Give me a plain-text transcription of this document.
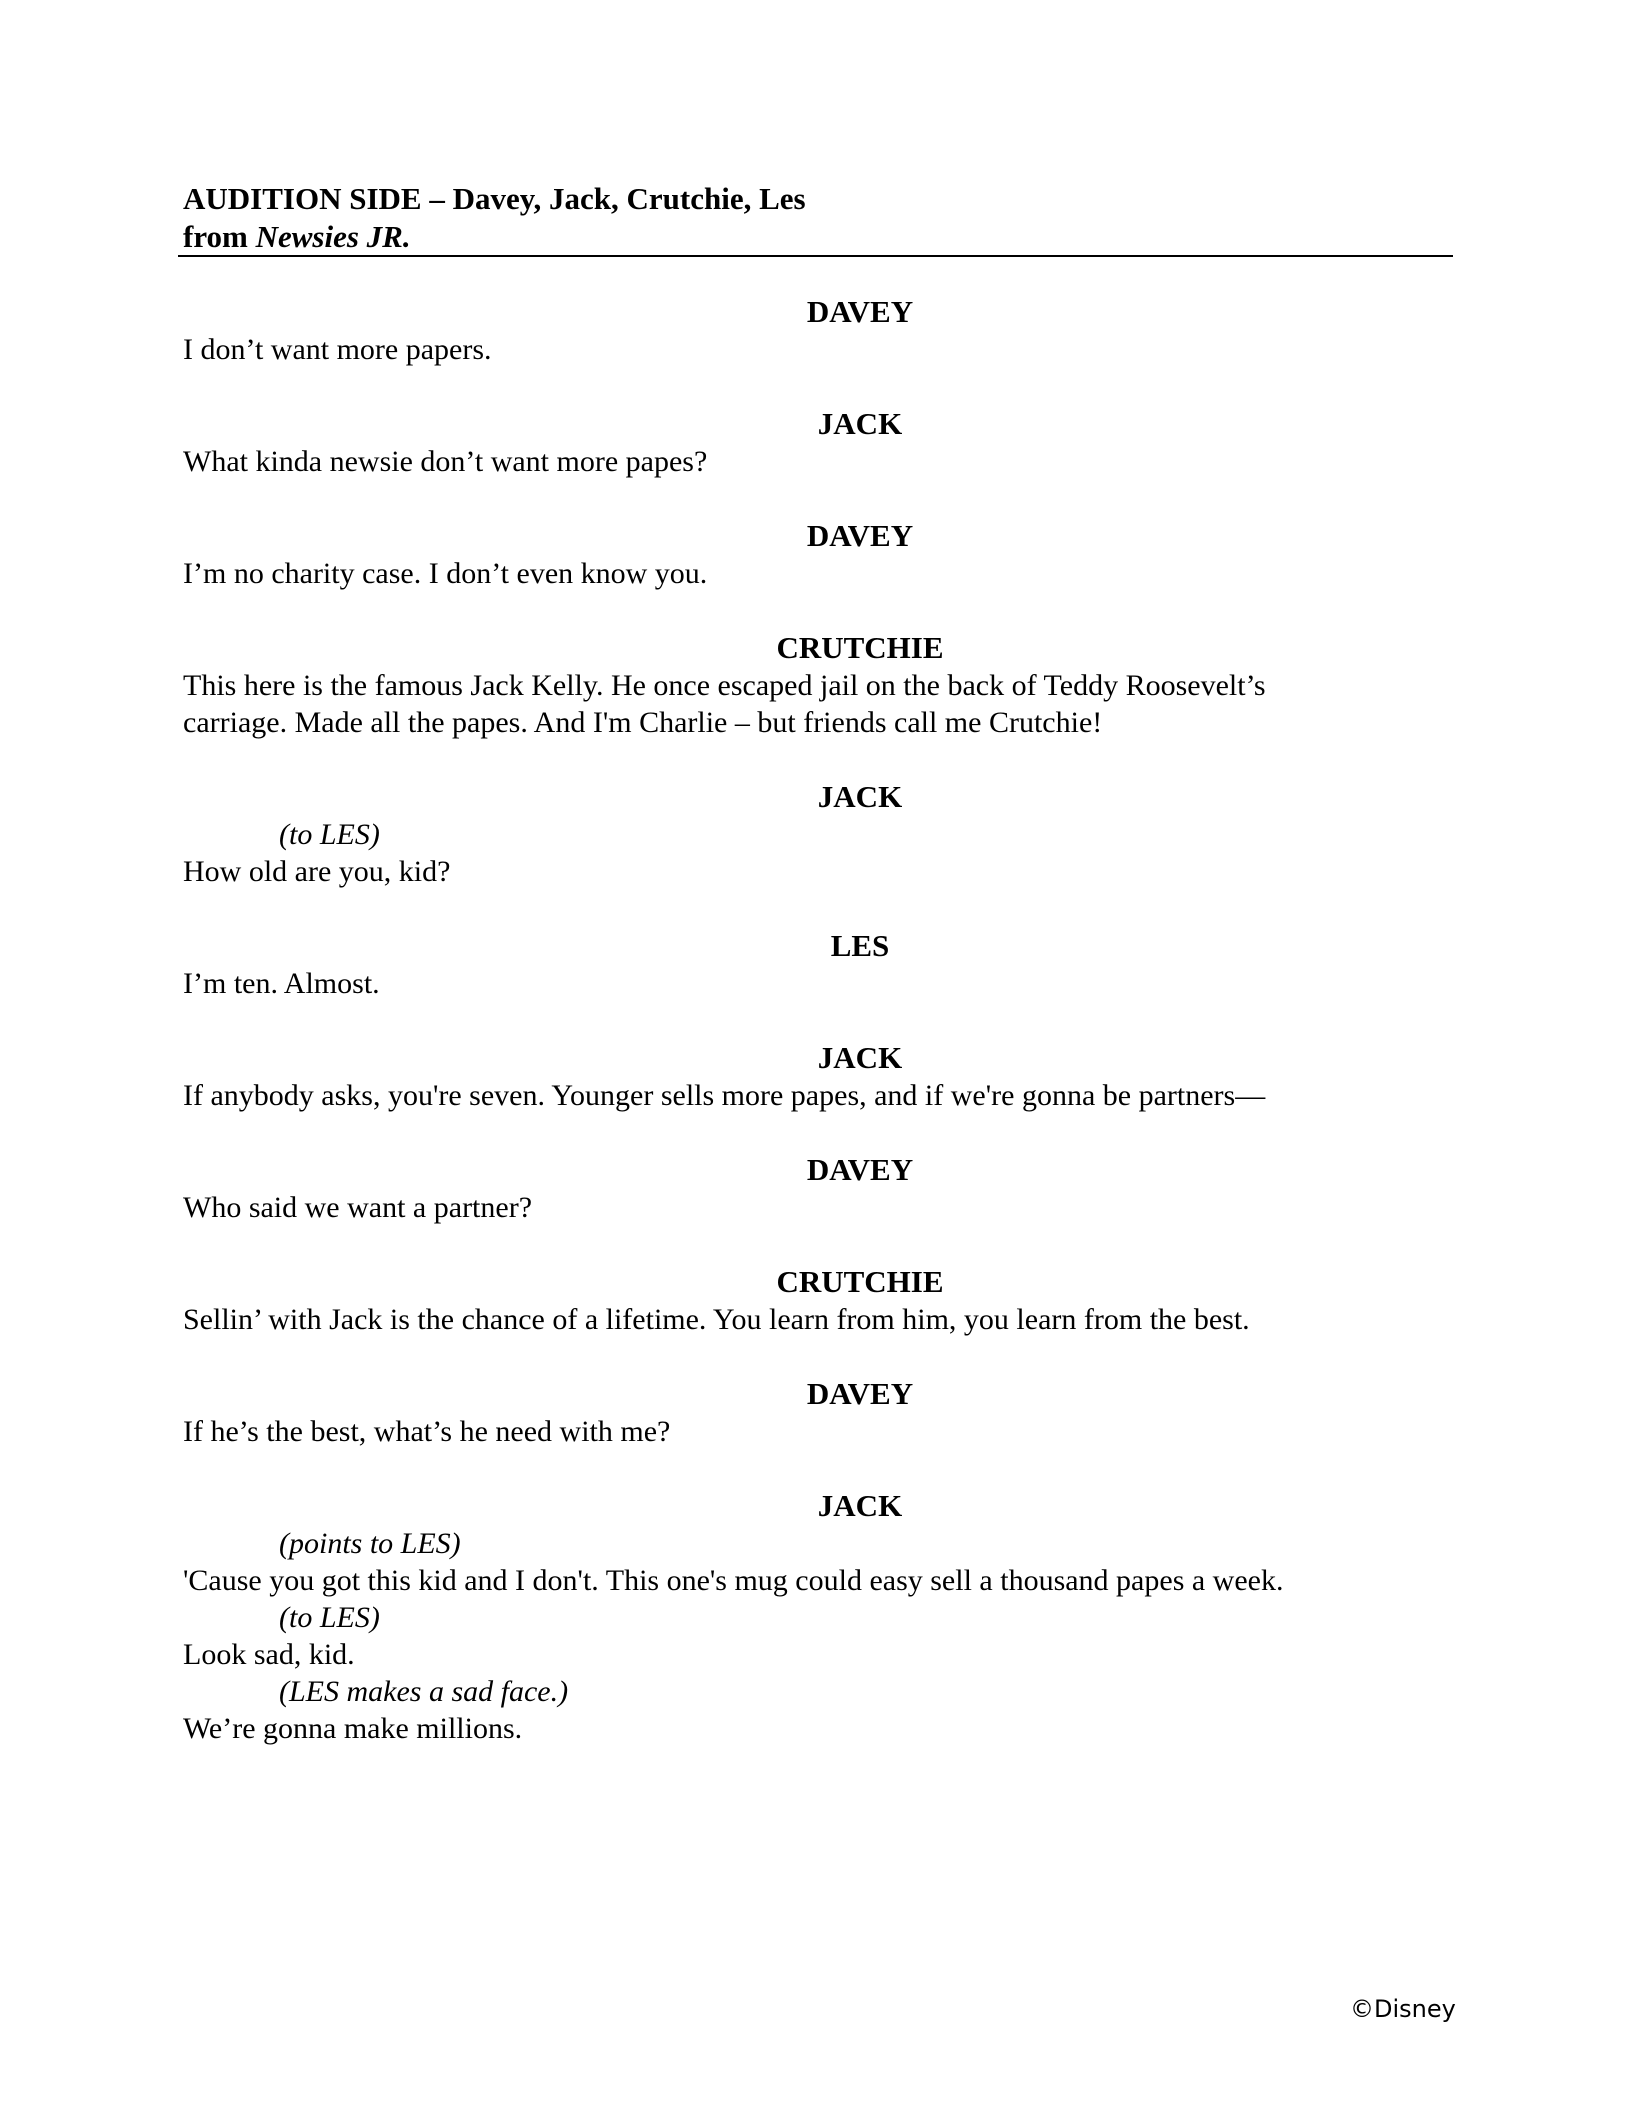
AUDITION SIDE – Davey, Jack, Crutchie, Les
from Newsies JR.
DAVEY
I don’t want more papers.
JACK
What kinda newsie don’t want more papes?
DAVEY
I’m no charity case. I don’t even know you.
CRUTCHIE
This here is the famous Jack Kelly. He once escaped jail on the back of Teddy Roosevelt’s
carriage. Made all the papes. And I'm Charlie – but friends call me Crutchie!
JACK
(to LES)
How old are you, kid?
LES
I’m ten. Almost.
JACK
If anybody asks, you're seven. Younger sells more papes, and if we're gonna be partners—
DAVEY
Who said we want a partner?
CRUTCHIE
Sellin’ with Jack is the chance of a lifetime. You learn from him, you learn from the best.
DAVEY
If he’s the best, what’s he need with me?
JACK
(points to LES)
'Cause you got this kid and I don't. This one's mug could easy sell a thousand papes a week.
(to LES)
Look sad, kid.
(LES makes a sad face.)
We’re gonna make millions.
©Disney
